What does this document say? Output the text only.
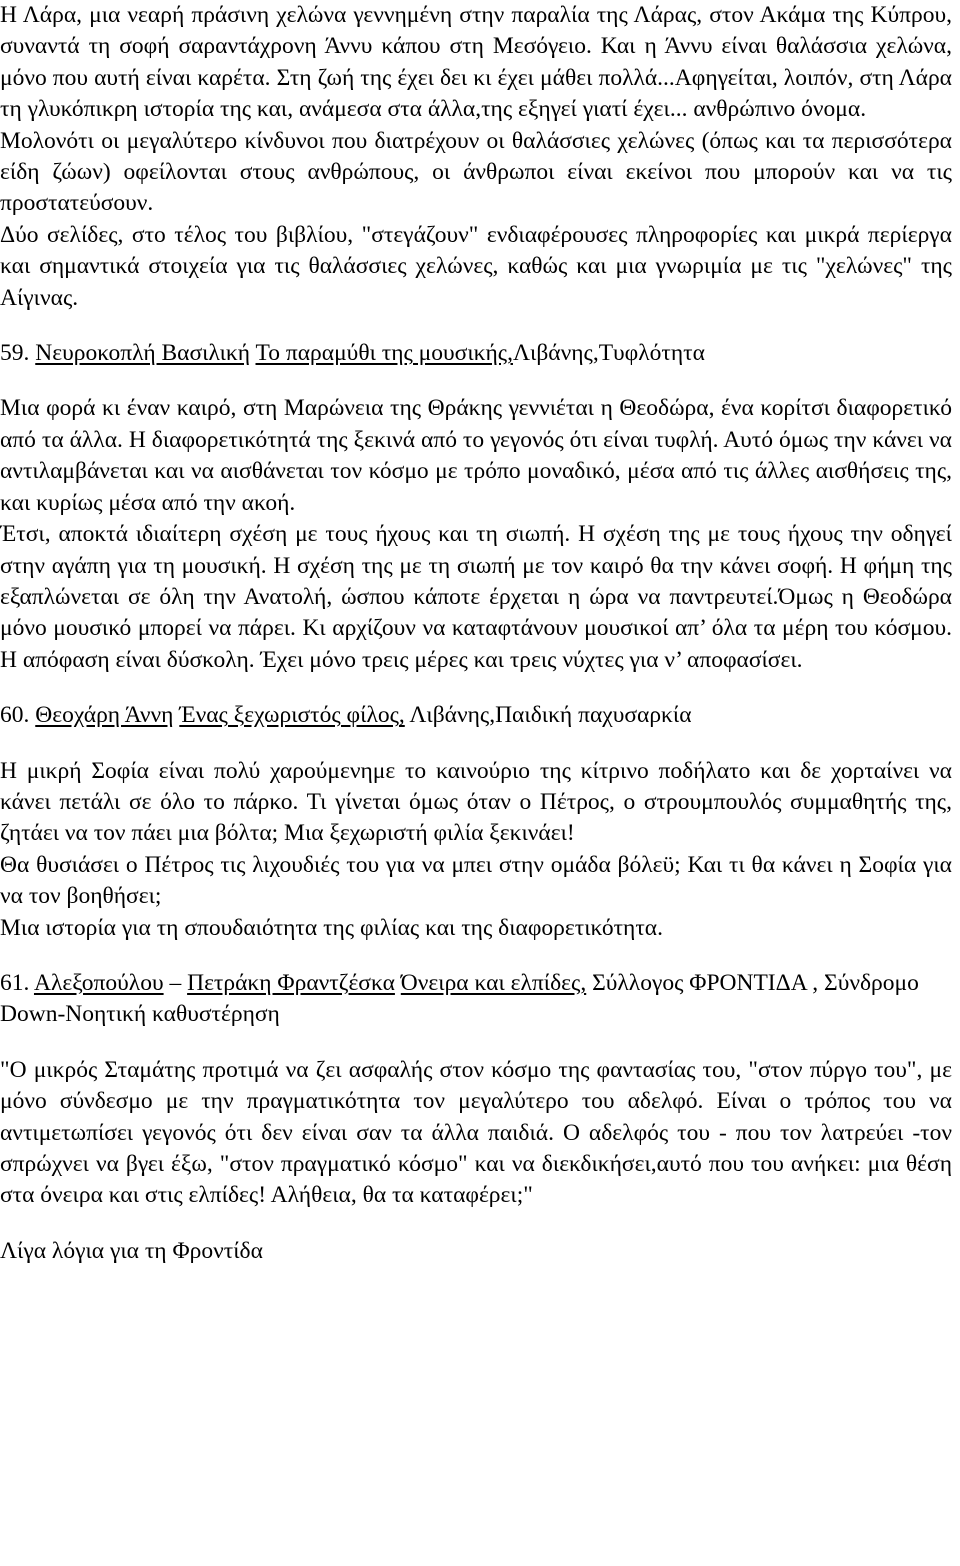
Η Λάρα, μια νεαρή πράσινη χελώνα γεννημένη στην παραλία της Λάρας, στον Ακάμα της Κύπρου, συναντά τη σοφή σαραντάχρονη Άννυ κάπου στη Μεσόγειο. Και η Άννυ είναι θαλάσσια χελώνα, μόνο που αυτή είναι καρέτα. Στη ζωή της έχει δει κι έχει μάθει πολλά...Αφηγείται, λοιπόν, στη Λάρα τη γλυκόπικρη ιστορία της και, ανάμεσα στα άλλα,της εξηγεί γιατί έχει... ανθρώπινο όνομα.

Μολονότι οι μεγαλύτερο κίνδυνοι που διατρέχουν οι θαλάσσιες χελώνες (όπως και τα περισσότερα είδη ζώων) οφείλονται στους ανθρώπους, οι άνθρωποι είναι εκείνοι που μπορούν και να τις προστατεύσουν.

Δύο σελίδες, στο τέλος του βιβλίου, "στεγάζουν" ενδιαφέρουσες πληροφορίες και μικρά περίεργα και σημαντικά στοιχεία για τις θαλάσσιες χελώνες, καθώς και μια γνωριμία με τις "χελώνες" της Αίγινας.

59. Νευροκοπλή Βασιλική Το παραμύθι της μουσικής,Λιβάνης,Τυφλότητα

Μια φορά κι έναν καιρό, στη Μαρώνεια της Θράκης γεννιέται η Θεοδώρα, ένα κορίτσι διαφορετικό από τα άλλα. Η διαφορετικότητά της ξεκινά από το γεγονός ότι είναι τυφλή. Αυτό όμως την κάνει να αντιλαμβάνεται και να αισθάνεται τον κόσμο με τρόπο μοναδικό, μέσα από τις άλλες αισθήσεις της, και κυρίως μέσα από την ακοή.

Έτσι, αποκτά ιδιαίτερη σχέση με τους ήχους και τη σιωπή. Η σχέση της με τους ήχους την οδηγεί στην αγάπη για τη μουσική. Η σχέση της με τη σιωπή με τον καιρό θα την κάνει σοφή. Η φήμη της εξαπλώνεται σε όλη την Ανατολή, ώσπου κάποτε έρχεται η ώρα να παντρευτεί.Όμως η Θεοδώρα μόνο μουσικό μπορεί να πάρει. Κι αρχίζουν να καταφτάνουν μουσικοί απ’ όλα τα μέρη του κόσμου. Η απόφαση είναι δύσκολη. Έχει μόνο τρεις μέρες και τρεις νύχτες για ν’ αποφασίσει.

60. Θεοχάρη Άννη Ένας ξεχωριστός φίλος, Λιβάνης,Παιδική παχυσαρκία

Η μικρή Σοφία είναι πολύ χαρούμενημε το καινούριο της κίτρινο ποδήλατο και δε χορταίνει να κάνει πετάλι σε όλο το πάρκο. Τι γίνεται όμως όταν ο Πέτρος, ο στρουμπουλός συμμαθητής της, ζητάει να τον πάει μια βόλτα; Μια ξεχωριστή φιλία ξεκινάει!

Θα θυσιάσει ο Πέτρος τις λιχουδιές του για να μπει στην ομάδα βόλεϋ; Και τι θα κάνει η Σοφία για να τον βοηθήσει;

Μια ιστορία για τη σπουδαιότητα της φιλίας και της διαφορετικότητα.

61. Αλεξοπούλου – Πετράκη Φραντζέσκα Όνειρα και ελπίδες, Σύλλογος ΦΡΟΝΤΙΔΑ , Σύνδρομο Down-Νοητική καθυστέρηση

"Ο μικρός Σταμάτης προτιμά να ζει ασφαλής στον κόσμο της φαντασίας του, "στον πύργο του", με μόνο σύνδεσμο με την πραγματικότητα τον μεγαλύτερο του αδελφό. Είναι ο τρόπος του να αντιμετωπίσει γεγονός ότι δεν είναι σαν τα άλλα παιδιά. Ο αδελφός του - που τον λατρεύει -τον σπρώχνει να βγει έξω, "στον πραγματικό κόσμο" και να διεκδικήσει,αυτό που του ανήκει: μια θέση στα όνειρα και στις ελπίδες! Αλήθεια, θα τα καταφέρει;"

Λίγα λόγια για τη Φροντίδα
